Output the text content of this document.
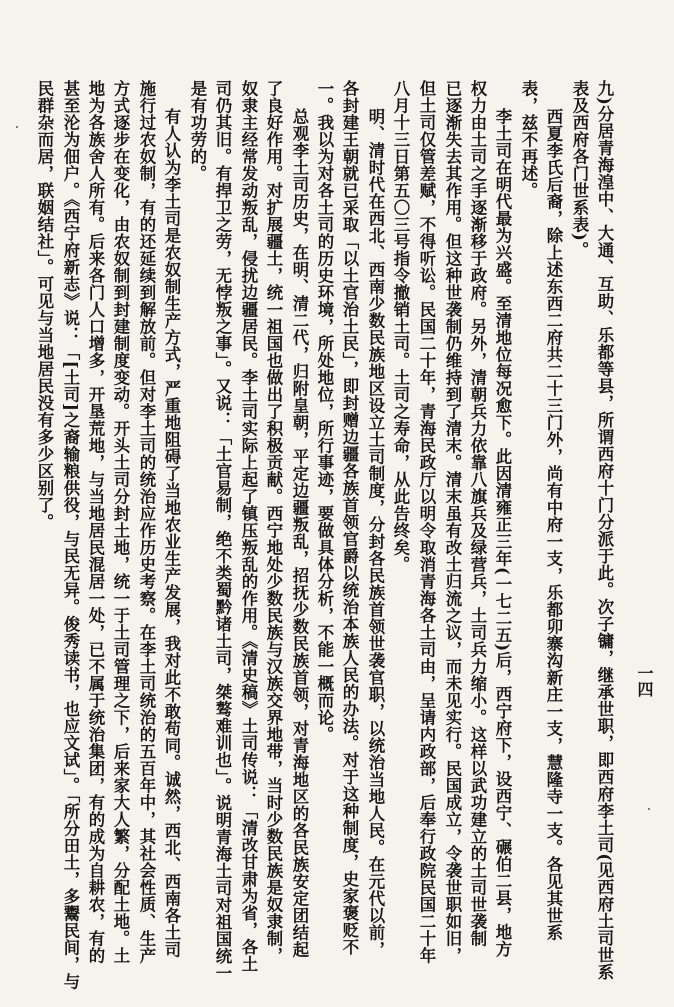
九)分居青海湟中、大通、互助、乐都等县，所谓西府十门分派于此。次子镛，继承世职，即西府李土司(见西府土司世系
表及西府各门世系表)。
西夏李氏后裔，除上述东西二府共二十三门外，尚有中府一支，乐都卯寨沟新庄一支，慧隆寺一支。各见其世系
表，兹不再述。
李土司在明代最为兴盛。至清地位每况愈下。此因清雍正三年(一七二五)后，西宁府下，设西宁、碾伯二县，地方
权力由土司之手逐渐移于政府。另外，清朝兵力依靠八旗兵及绿营兵，土司兵力缩小。这样以武功建立的土司世袭制
已逐渐失去其作用。但这种世袭制仍维持到了清末。清末虽有改土归流之议，而未见实行。民国成立，令袭世职如旧，
但土司仅管差赋，不得听讼。民国二十年，青海民政厅以明令取消青海各土司由，呈请内政部，后奉行政院民国二十年
八月十三日第五〇三号指令撤销土司。土司之寿命，从此告终矣。
明、清时代在西北、西南少数民族地区设立土司制度，分封各民族首领世袭官职，以统治当地人民。在元代以前，
各封建王朝就已采取「以土官治土民」，即封赠边疆各族首领官爵以统治本族人民的办法。对于这种制度，史家褒贬不
一。我以为对各土司的历史环境，所处地位，所行事迹，要做具体分析，不能一概而论。
总观李土司历史，在明、清二代，归附皇朝，平定边疆叛乱，招抚少数民族首领，对青海地区的各民族安定团结起
了良好作用。对扩展疆土，统一祖国也做出了积极贡献。西宁地处少数民族与汉族交界地带，当时少数民族是奴隶制，
奴隶主经常发动叛乱，侵扰边疆居民。李土司实际上起了镇压叛乱的作用。《清史稿》土司传说：「清改甘肃为省，各土
司仍其旧。有捍卫之劳，无悖叛之事」。又说：「土官易制，绝不类蜀黔诸土司，桀骜难训也」。说明青海土司对祖国统一
是有功劳的。
有人认为李土司是农奴制生产方式，严重地阻碍了当地农业生产发展，我对此不敢苟同。诚然，西北、西南各土司
施行过农奴制，有的还延续到解放前。但对李土司的统治应作历史考察。在李土司统治的五百年中，其社会性质、生产
方式逐步在变化，由农奴制到封建制度变动。开头土司分封土地，统一于土司管理之下，后来家大人繁，分配土地。土
地为各族舍人所有。后来各门人口增多，开垦荒地，与当地居民混居一处，已不属于统治集团，有的成为自耕农，有的
甚至沦为佃户。《西宁府新志》说：「[土司]之裔输粮供役，与民无异。俊秀读书，也应文试」。「所分田土，多鬻民间，与
民群杂而居，联姻结社」。可见与当地居民没有多少区别了。
一四
